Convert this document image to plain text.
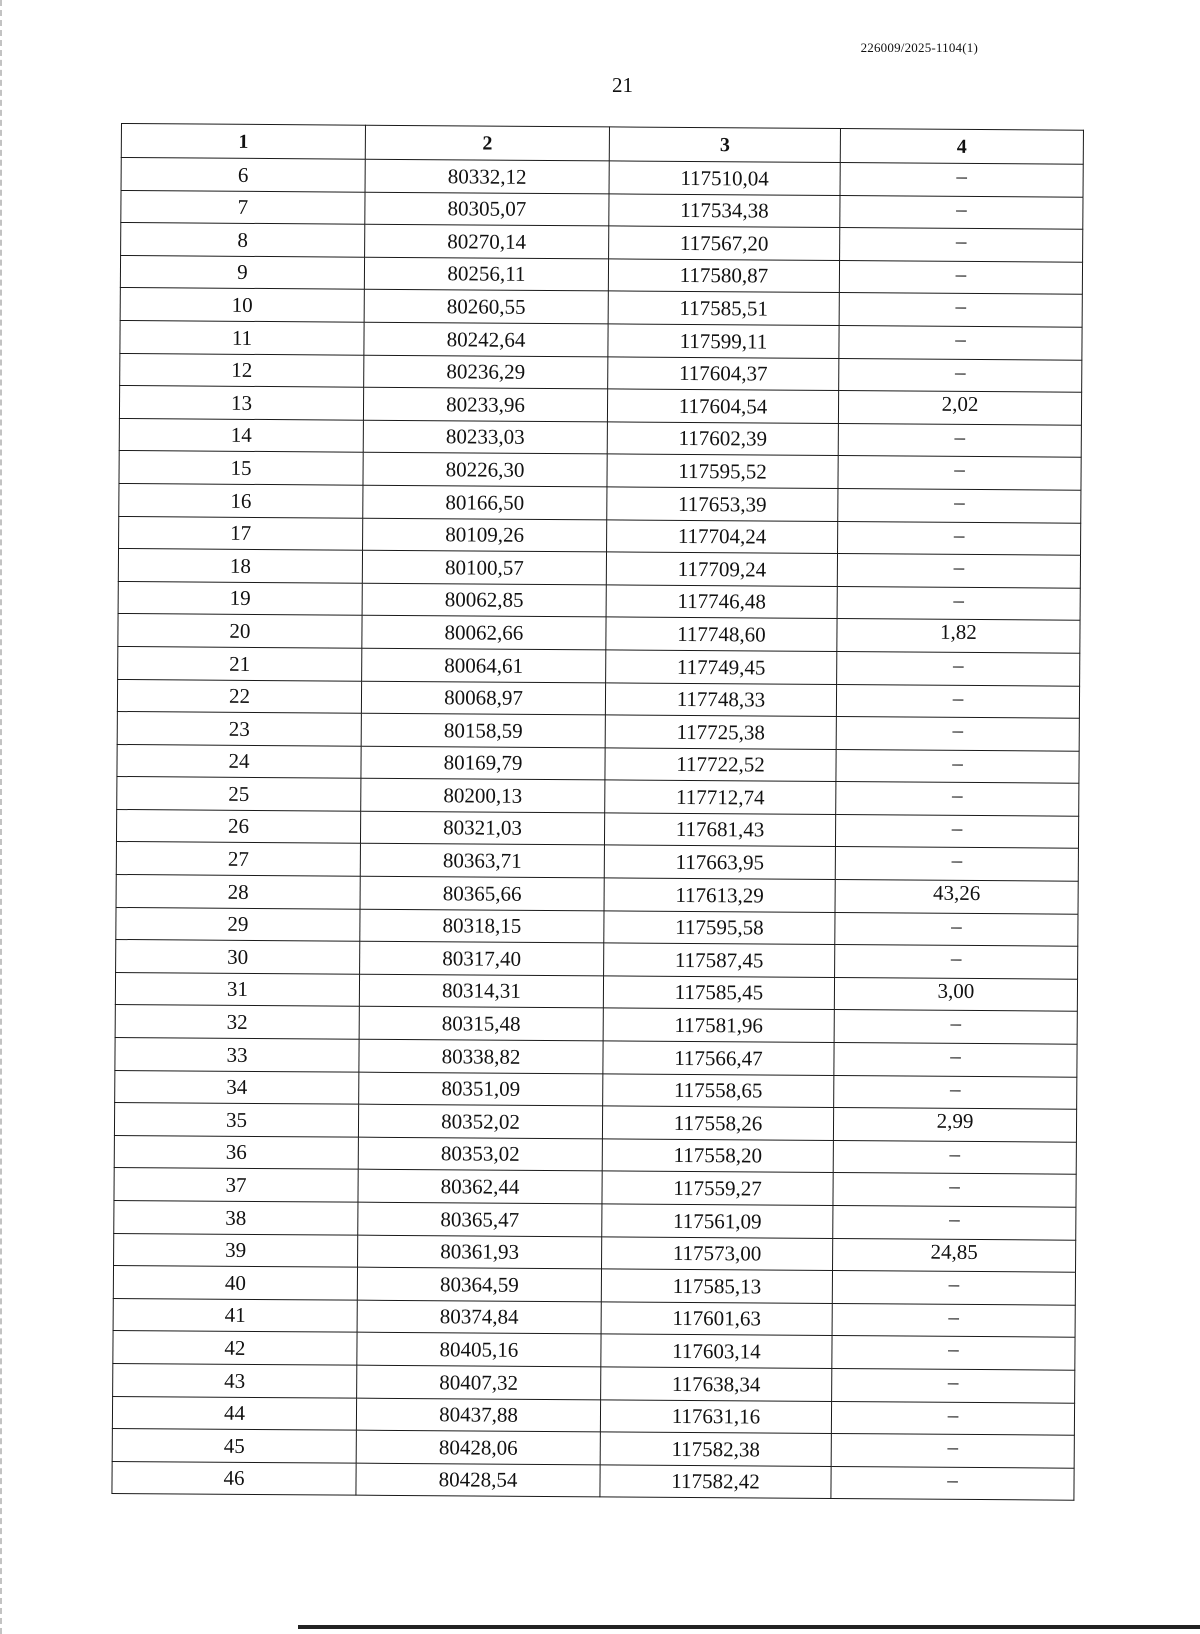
226009/2025-1104(1)
21
1	2	3	4
6	80332,12	117510,04	–
7	80305,07	117534,38	–
8	80270,14	117567,20	–
9	80256,11	117580,87	–
10	80260,55	117585,51	–
11	80242,64	117599,11	–
12	80236,29	117604,37	–
13	80233,96	117604,54	2,02
14	80233,03	117602,39	–
15	80226,30	117595,52	–
16	80166,50	117653,39	–
17	80109,26	117704,24	–
18	80100,57	117709,24	–
19	80062,85	117746,48	–
20	80062,66	117748,60	1,82
21	80064,61	117749,45	–
22	80068,97	117748,33	–
23	80158,59	117725,38	–
24	80169,79	117722,52	–
25	80200,13	117712,74	–
26	80321,03	117681,43	–
27	80363,71	117663,95	–
28	80365,66	117613,29	43,26
29	80318,15	117595,58	–
30	80317,40	117587,45	–
31	80314,31	117585,45	3,00
32	80315,48	117581,96	–
33	80338,82	117566,47	–
34	80351,09	117558,65	–
35	80352,02	117558,26	2,99
36	80353,02	117558,20	–
37	80362,44	117559,27	–
38	80365,47	117561,09	–
39	80361,93	117573,00	24,85
40	80364,59	117585,13	–
41	80374,84	117601,63	–
42	80405,16	117603,14	–
43	80407,32	117638,34	–
44	80437,88	117631,16	–
45	80428,06	117582,38	–
46	80428,54	117582,42	–
